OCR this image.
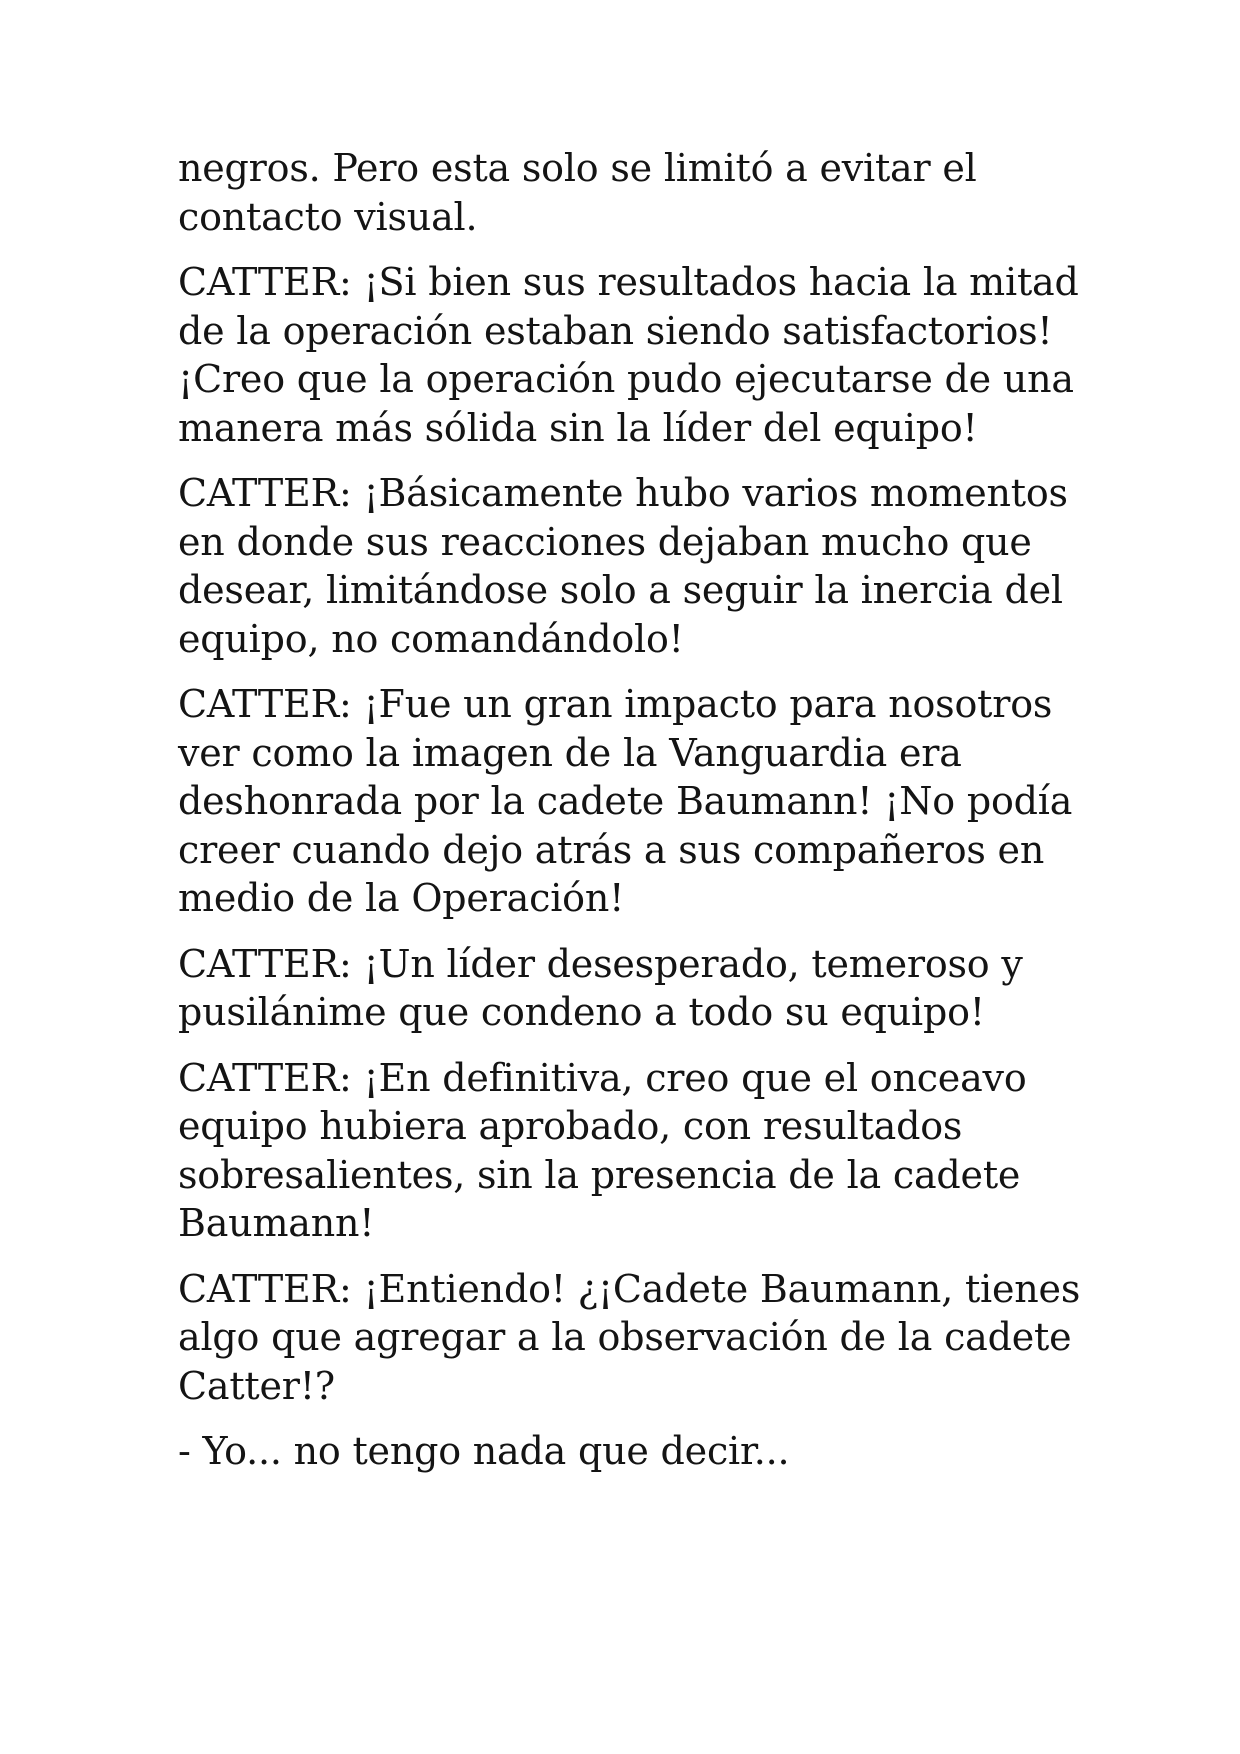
negros. Pero esta solo se limitó a evitar el
contacto visual.

CATTER: ¡Si bien sus resultados hacia la mitad
de la operación estaban siendo satisfactorios!
¡Creo que la operación pudo ejecutarse de una
manera más sólida sin la líder del equipo!

CATTER: ¡Básicamente hubo varios momentos
en donde sus reacciones dejaban mucho que
desear, limitándose solo a seguir la inercia del
equipo, no comandándolo!

CATTER: ¡Fue un gran impacto para nosotros
ver como la imagen de la Vanguardia era
deshonrada por la cadete Baumann! ¡No podía
creer cuando dejo atrás a sus compañeros en
medio de la Operación!

CATTER: ¡Un líder desesperado, temeroso y
pusilánime que condeno a todo su equipo!

CATTER: ¡En definitiva, creo que el onceavo
equipo hubiera aprobado, con resultados
sobresalientes, sin la presencia de la cadete
Baumann!

CATTER: ¡Entiendo! ¿¡Cadete Baumann, tienes
algo que agregar a la observación de la cadete
Catter!?

- Yo... no tengo nada que decir...
